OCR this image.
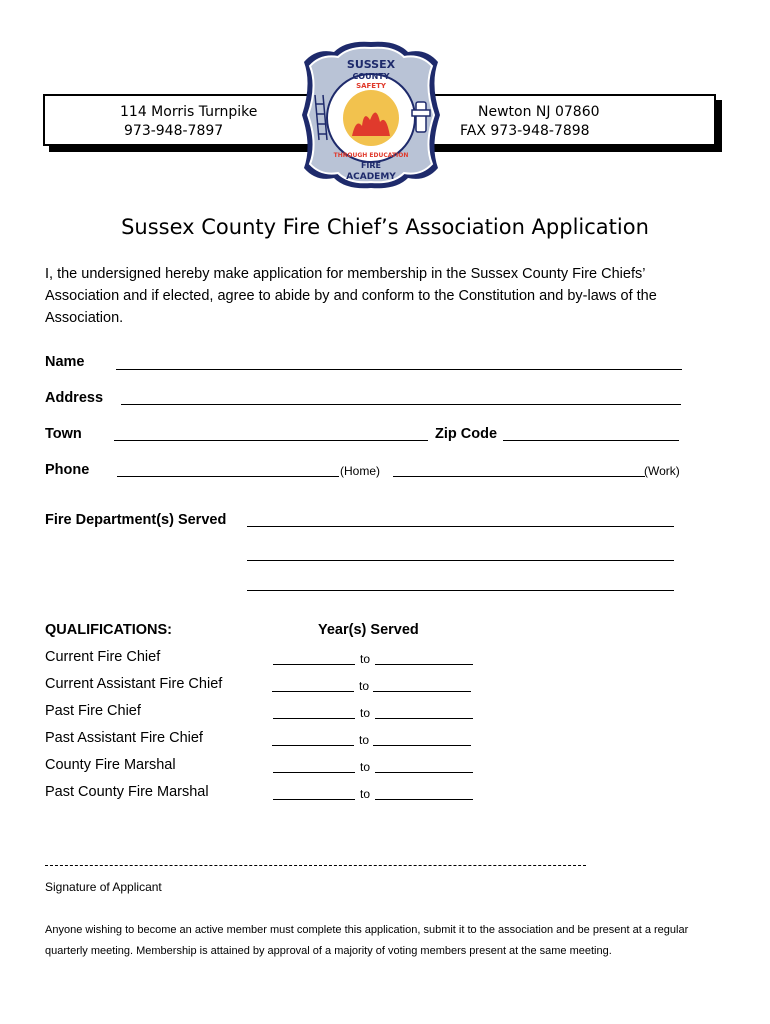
114 Morris Turnpike
973-948-7897
Newton NJ 07860
FAX 973-948-7898
SUSSEX
COUNTY
SAFETY
THROUGH EDUCATION
FIRE
ACADEMY
Sussex County Fire Chief’s Association Application
I, the undersigned hereby make application for membership in the Sussex County Fire Chiefs’ Association and if elected, agree to abide by and conform to the Constitution and by-laws of the Association.
Name
Address
Town	Zip Code
Phone	(Home)	(Work)
Fire Department(s) Served
QUALIFICATIONS:	Year(s) Served
Current Fire Chief	to
Current Assistant Fire Chief	to
Past Fire Chief	to
Past Assistant Fire Chief	to
County Fire Marshal	to
Past County Fire Marshal	to
Signature of Applicant
Anyone wishing to become an active member must complete this application, submit it to the association and be present at a regular
quarterly meeting. Membership is attained by approval of a majority of voting members present at the same meeting.
